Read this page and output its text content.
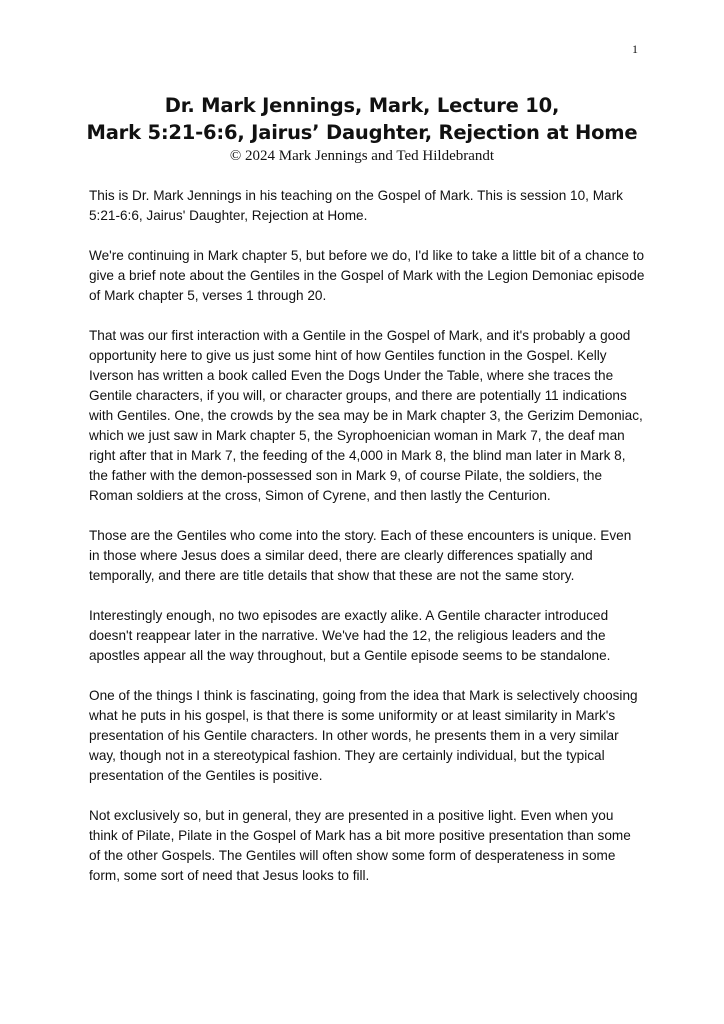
1
Dr. Mark Jennings, Mark, Lecture 10,
Mark 5:21-6:6, Jairus’ Daughter, Rejection at Home
© 2024 Mark Jennings and Ted Hildebrandt

This is Dr. Mark Jennings in his teaching on the Gospel of Mark. This is session 10, Mark 5:21-6:6, Jairus' Daughter, Rejection at Home.

We're continuing in Mark chapter 5, but before we do, I'd like to take a little bit of a chance to give a brief note about the Gentiles in the Gospel of Mark with the Legion Demoniac episode of Mark chapter 5, verses 1 through 20.

That was our first interaction with a Gentile in the Gospel of Mark, and it's probably a good opportunity here to give us just some hint of how Gentiles function in the Gospel. Kelly Iverson has written a book called Even the Dogs Under the Table, where she traces the Gentile characters, if you will, or character groups, and there are potentially 11 indications with Gentiles. One, the crowds by the sea may be in Mark chapter 3, the Gerizim Demoniac, which we just saw in Mark chapter 5, the Syrophoenician woman in Mark 7, the deaf man right after that in Mark 7, the feeding of the 4,000 in Mark 8, the blind man later in Mark 8, the father with the demon-possessed son in Mark 9, of course Pilate, the soldiers, the Roman soldiers at the cross, Simon of Cyrene, and then lastly the Centurion.

Those are the Gentiles who come into the story. Each of these encounters is unique. Even in those where Jesus does a similar deed, there are clearly differences spatially and temporally, and there are title details that show that these are not the same story.

Interestingly enough, no two episodes are exactly alike. A Gentile character introduced doesn't reappear later in the narrative. We've had the 12, the religious leaders and the apostles appear all the way throughout, but a Gentile episode seems to be standalone.

One of the things I think is fascinating, going from the idea that Mark is selectively choosing what he puts in his gospel, is that there is some uniformity or at least similarity in Mark's presentation of his Gentile characters. In other words, he presents them in a very similar way, though not in a stereotypical fashion. They are certainly individual, but the typical presentation of the Gentiles is positive.

Not exclusively so, but in general, they are presented in a positive light. Even when you think of Pilate, Pilate in the Gospel of Mark has a bit more positive presentation than some of the other Gospels. The Gentiles will often show some form of desperateness in some form, some sort of need that Jesus looks to fill.
